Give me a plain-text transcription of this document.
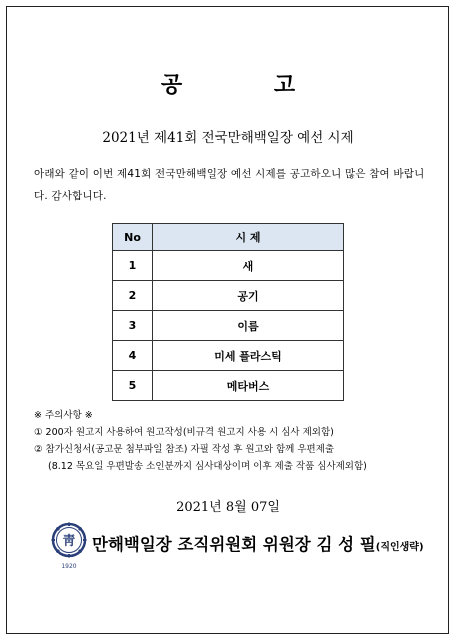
공 고
2021년 제41회 전국만해백일장 예선 시제
아래와 같이 이번 제41회 전국만해백일장 예선 시제를 공고하오니 많은 참여 바랍니다. 감사합니다.
No	시 제
1	새
2	공기
3	이름
4	미세 플라스틱
5	메타버스
※ 주의사항 ※
① 200자 원고지 사용하여 원고작성(비규격 원고지 사용 시 심사 제외함)
② 참가신청서(공고문 첨부파일 참조) 자필 작성 후 원고와 함께 우편제출
(8.12 목요일 우편발송 소인분까지 심사대상이며 이후 제출 작품 심사제외함)
2021년 8월 07일
靑
1920
만해백일장 조직위원회 위원장 김 성 필(직인생략)
